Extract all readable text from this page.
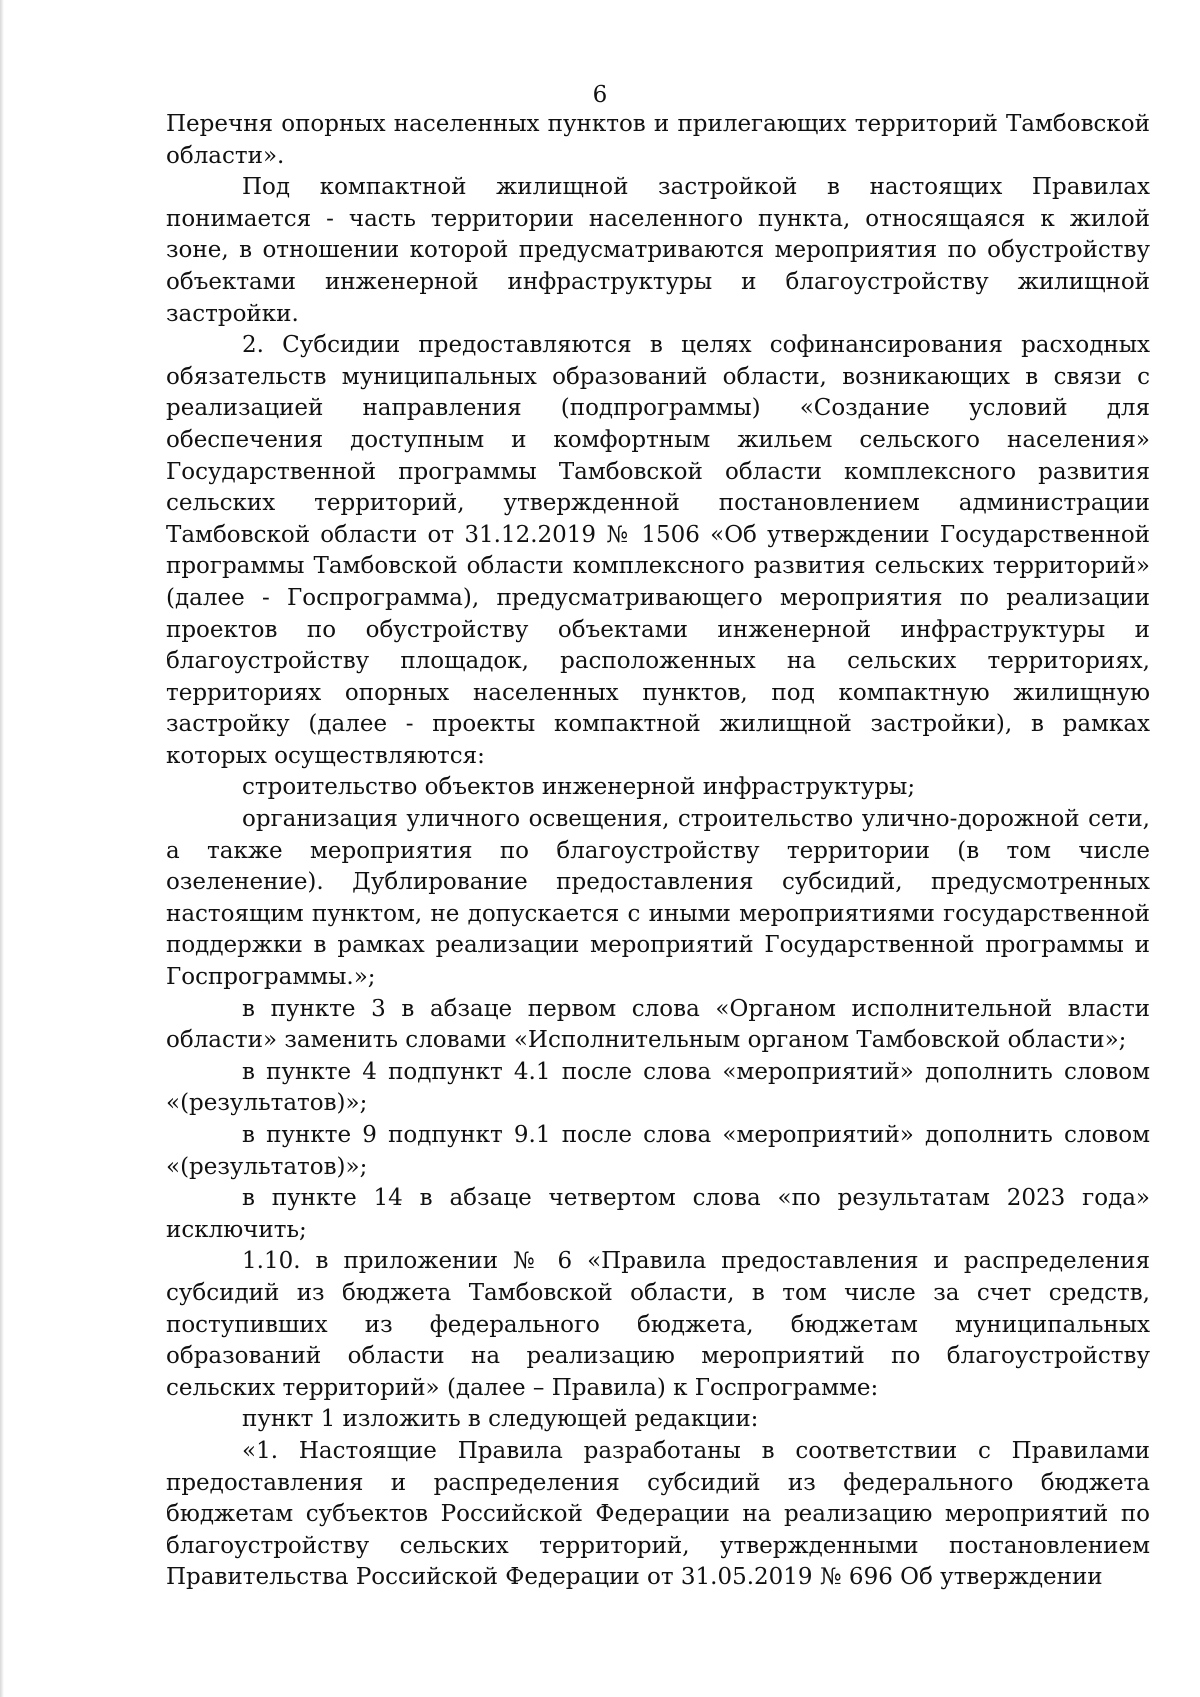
6

Перечня опорных населенных пунктов и прилегающих территорий Тамбовской области».

Под компактной жилищной застройкой в настоящих Правилах понимается - часть территории населенного пункта, относящаяся к жилой зоне, в отношении которой предусматриваются мероприятия по обустройству объектами инженерной инфраструктуры и благоустройству жилищной застройки.

2. Субсидии предоставляются в целях софинансирования расходных обязательств муниципальных образований области, возникающих в связи с реализацией направления (подпрограммы) «Создание условий для обеспечения доступным и комфортным жильем сельского населения» Государственной программы Тамбовской области комплексного развития сельских территорий, утвержденной постановлением администрации Тамбовской области от 31.12.2019 № 1506 «Об утверждении Государственной программы Тамбовской области комплексного развития сельских территорий» (далее - Госпрограмма), предусматривающего мероприятия по реализации проектов по обустройству объектами инженерной инфраструктуры и благоустройству площадок, расположенных на сельских территориях, территориях опорных населенных пунктов, под компактную жилищную застройку (далее - проекты компактной жилищной застройки), в рамках которых осуществляются:

строительство объектов инженерной инфраструктуры;

организация уличного освещения, строительство улично-дорожной сети, а также мероприятия по благоустройству территории (в том числе озеленение). Дублирование предоставления субсидий, предусмотренных настоящим пунктом, не допускается с иными мероприятиями государственной поддержки в рамках реализации мероприятий Государственной программы и Госпрограммы.»;

в пункте 3 в абзаце первом слова «Органом исполнительной власти области» заменить словами «Исполнительным органом Тамбовской области»;

в пункте 4 подпункт 4.1 после слова «мероприятий» дополнить словом «(результатов)»;

в пункте 9 подпункт 9.1 после слова «мероприятий» дополнить словом «(результатов)»;

в пункте 14 в абзаце четвертом слова «по результатам 2023 года» исключить;

1.10. в приложении № 6 «Правила предоставления и распределения субсидий из бюджета Тамбовской области, в том числе за счет средств, поступивших из федерального бюджета, бюджетам муниципальных образований области на реализацию мероприятий по благоустройству сельских территорий» (далее – Правила) к Госпрограмме:

пункт 1 изложить в следующей редакции:

«1. Настоящие Правила разработаны в соответствии с Правилами предоставления и распределения субсидий из федерального бюджета бюджетам субъектов Российской Федерации на реализацию мероприятий по благоустройству сельских территорий, утвержденными постановлением Правительства Российской Федерации от 31.05.2019 № 696 Об утверждении
